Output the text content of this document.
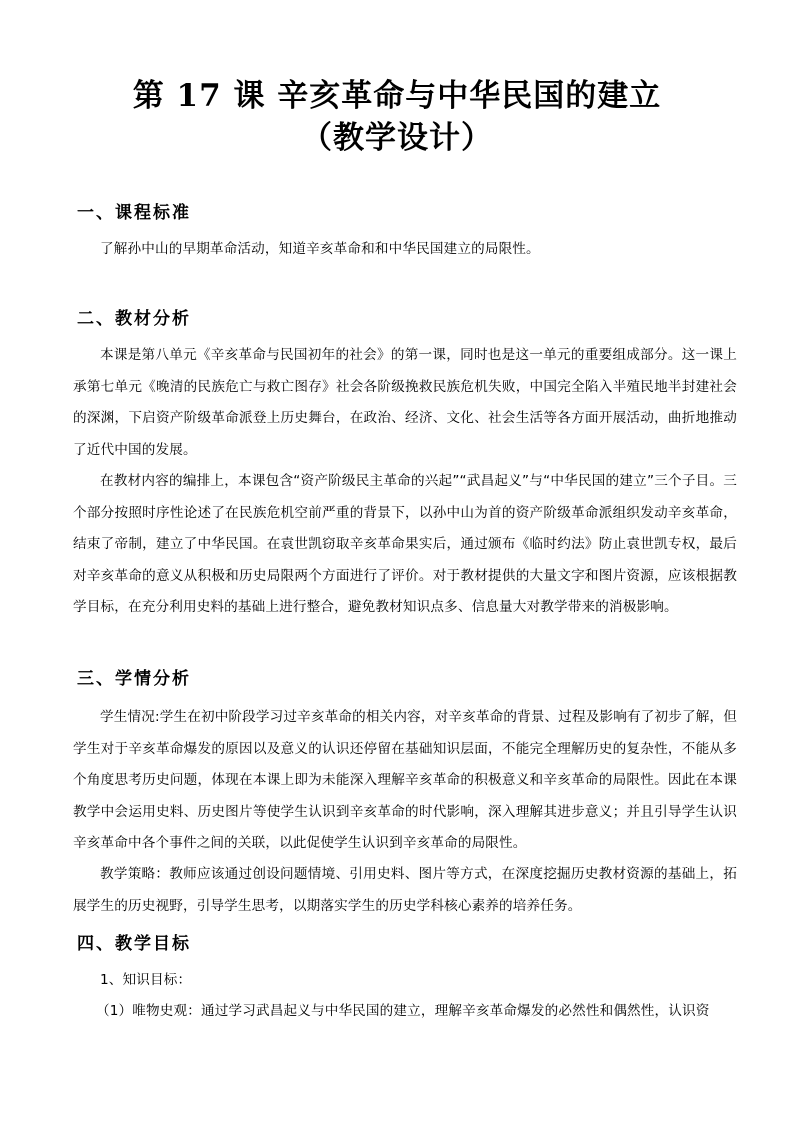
第 17 课 辛亥革命与中华民国的建立
（教学设计）
一、课程标准

了解孙中山的早期革命活动，知道辛亥革命和和中华民国建立的局限性。

二、教材分析

本课是第八单元《辛亥革命与民国初年的社会》的第一课，同时也是这一单元的重要组成部分。这一课上承第七单元《晚清的民族危亡与救亡图存》社会各阶级挽救民族危机失败，中国完全陷入半殖民地半封建社会的深渊，下启资产阶级革命派登上历史舞台，在政治、经济、文化、社会生活等各方面开展活动，曲折地推动了近代中国的发展。

在教材内容的编排上，本课包含“资产阶级民主革命的兴起”“武昌起义”与“中华民国的建立”三个子目。三个部分按照时序性论述了在民族危机空前严重的背景下，以孙中山为首的资产阶级革命派组织发动辛亥革命，结束了帝制，建立了中华民国。在袁世凯窃取辛亥革命果实后，通过颁布《临时约法》防止袁世凯专权，最后对辛亥革命的意义从积极和历史局限两个方面进行了评价。对于教材提供的大量文字和图片资源，应该根据教学目标，在充分利用史料的基础上进行整合，避免教材知识点多、信息量大对教学带来的消极影响。

三、学情分析

学生情况:学生在初中阶段学习过辛亥革命的相关内容，对辛亥革命的背景、过程及影响有了初步了解，但学生对于辛亥革命爆发的原因以及意义的认识还停留在基础知识层面，不能完全理解历史的复杂性，不能从多个角度思考历史问题，体现在本课上即为未能深入理解辛亥革命的积极意义和辛亥革命的局限性。因此在本课教学中会运用史料、历史图片等使学生认识到辛亥革命的时代影响，深入理解其进步意义；并且引导学生认识辛亥革命中各个事件之间的关联，以此促使学生认识到辛亥革命的局限性。

教学策略：教师应该通过创设问题情境、引用史料、图片等方式，在深度挖掘历史教材资源的基础上，拓展学生的历史视野，引导学生思考，以期落实学生的历史学科核心素养的培养任务。

四、教学目标
1、知识目标：
（1）唯物史观：通过学习武昌起义与中华民国的建立，理解辛亥革命爆发的必然性和偶然性，认识资
